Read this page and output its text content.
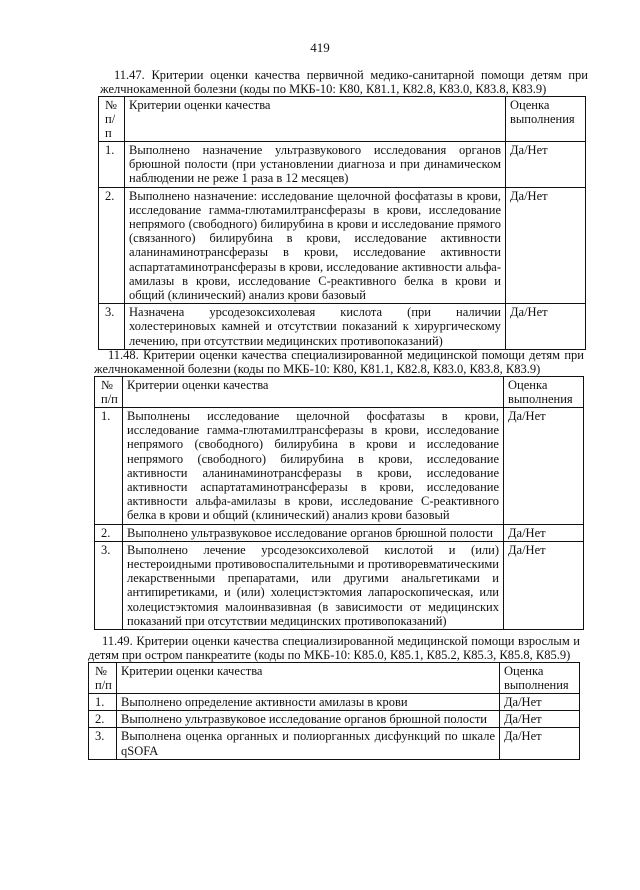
419
11.47. Критерии оценки качества первичной медико-санитарной помощи детям при желчнокаменной болезни (коды по МКБ-10: К80, К81.1, К82.8, К83.0, К83.8, К83.9)
№ п/п	Критерии оценки качества	Оценка выполнения
1.	Выполнено назначение ультразвукового исследования органов брюшной полости (при установлении диагноза и при динамическом наблюдении не реже 1 раза в 12 месяцев)	Да/Нет
2.	Выполнено назначение: исследование щелочной фосфатазы в крови, исследование гамма-глютамилтрансферазы в крови, исследование непрямого (свободного) билирубина в крови и исследование прямого (связанного) билирубина в крови, исследование активности аланинаминотрансферазы в крови, исследование активности аспартатаминотрансферазы в крови, исследование активности альфа-амилазы в крови, исследование С-реактивного белка в крови и общий (клинический) анализ крови базовый	Да/Нет
3.	Назначена урсодезоксихолевая кислота (при наличии холестериновых камней и отсутствии показаний к хирургическому лечению, при отсутствии медицинских противопоказаний)	Да/Нет
11.48. Критерии оценки качества специализированной медицинской помощи детям при желчнокаменной болезни (коды по МКБ-10: К80, К81.1, К82.8, К83.0, К83.8, К83.9)
№ п/п	Критерии оценки качества	Оценка выполнения
1.	Выполнены исследование щелочной фосфатазы в крови, исследование гамма-глютамилтрансферазы в крови, исследование непрямого (свободного) билирубина в крови и исследование непрямого (свободного) билирубина в крови, исследование активности аланинаминотрансферазы в крови, исследование активности аспартатаминотрансферазы в крови, исследование активности альфа-амилазы в крови, исследование С-реактивного белка в крови и общий (клинический) анализ крови базовый	Да/Нет
2.	Выполнено ультразвуковое исследование органов брюшной полости	Да/Нет
3.	Выполнено лечение урсодезоксихолевой кислотой и (или) нестероидными противовоспалительными и противоревматическими лекарственными препаратами, или другими анальгетиками и антипиретиками, и (или) холецистэктомия лапароскопическая, или холецистэктомия малоинвазивная (в зависимости от медицинских показаний при отсутствии медицинских противопоказаний)	Да/Нет
11.49. Критерии оценки качества специализированной медицинской помощи взрослым и детям при остром панкреатите (коды по МКБ-10: К85.0, К85.1, К85.2, К85.3, К85.8, К85.9)
№ п/п	Критерии оценки качества	Оценка выполнения
1.	Выполнено определение активности амилазы в крови	Да/Нет
2.	Выполнено ультразвуковое исследование органов брюшной полости	Да/Нет
3.	Выполнена оценка органных и полиорганных дисфункций по шкале qSOFA	Да/Нет
